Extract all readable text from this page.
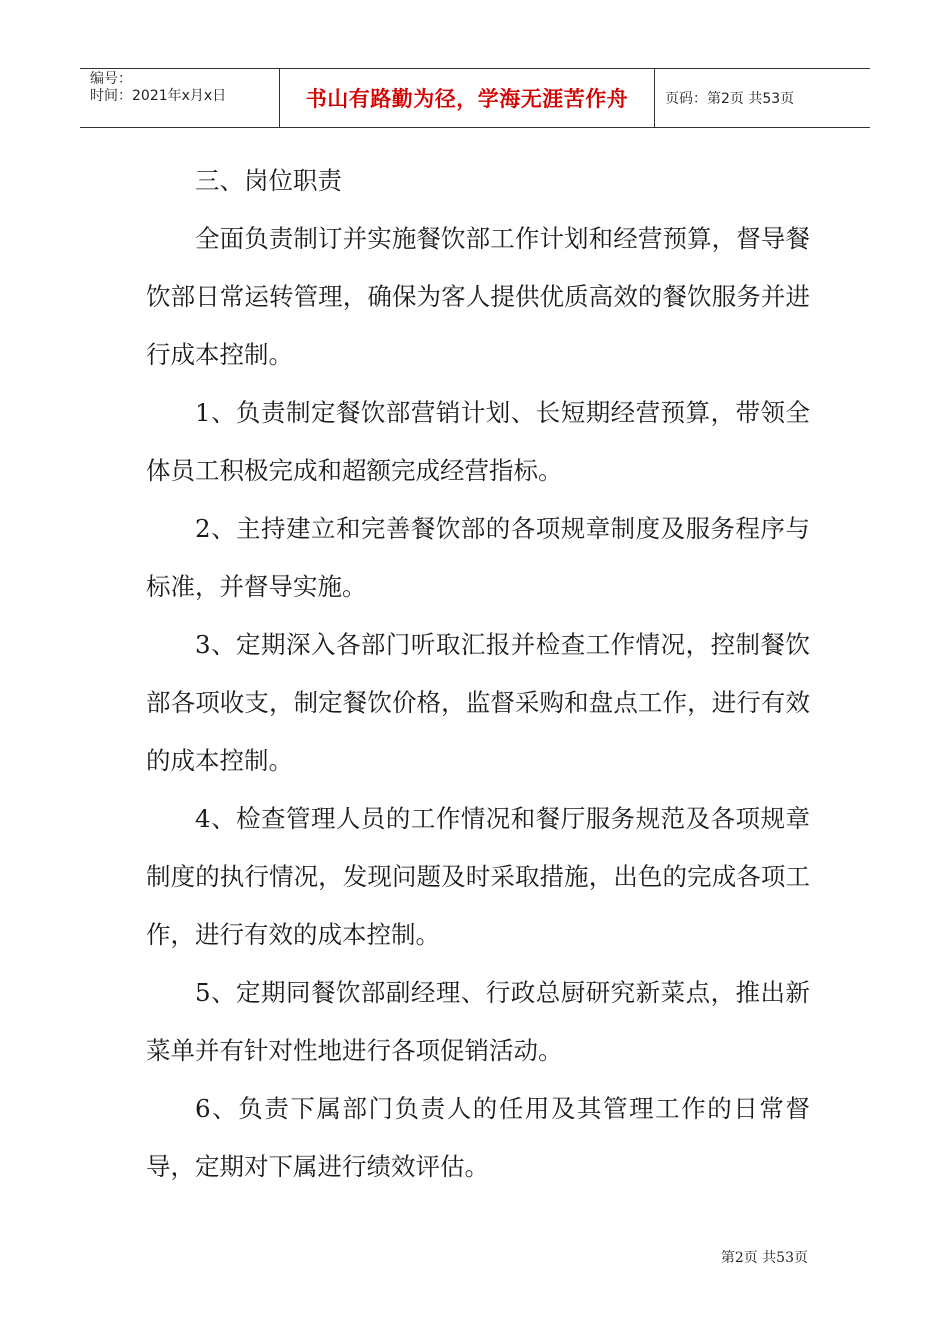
编号：
时间：2021年x月x日	书山有路勤为径，学海无涯苦作舟	页码：第2页 共53页

三、岗位职责

全面负责制订并实施餐饮部工作计划和经营预算，督导餐饮部日常运转管理，确保为客人提供优质高效的餐饮服务并进行成本控制。

1、负责制定餐饮部营销计划、长短期经营预算，带领全体员工积极完成和超额完成经营指标。

2、主持建立和完善餐饮部的各项规章制度及服务程序与标准，并督导实施。

3、定期深入各部门听取汇报并检查工作情况，控制餐饮部各项收支，制定餐饮价格，监督采购和盘点工作，进行有效的成本控制。

4、检查管理人员的工作情况和餐厅服务规范及各项规章制度的执行情况，发现问题及时采取措施，出色的完成各项工作，进行有效的成本控制。

5、定期同餐饮部副经理、行政总厨研究新菜点，推出新菜单并有针对性地进行各项促销活动。

6、负责下属部门负责人的任用及其管理工作的日常督导，定期对下属进行绩效评估。

第2页 共53页
